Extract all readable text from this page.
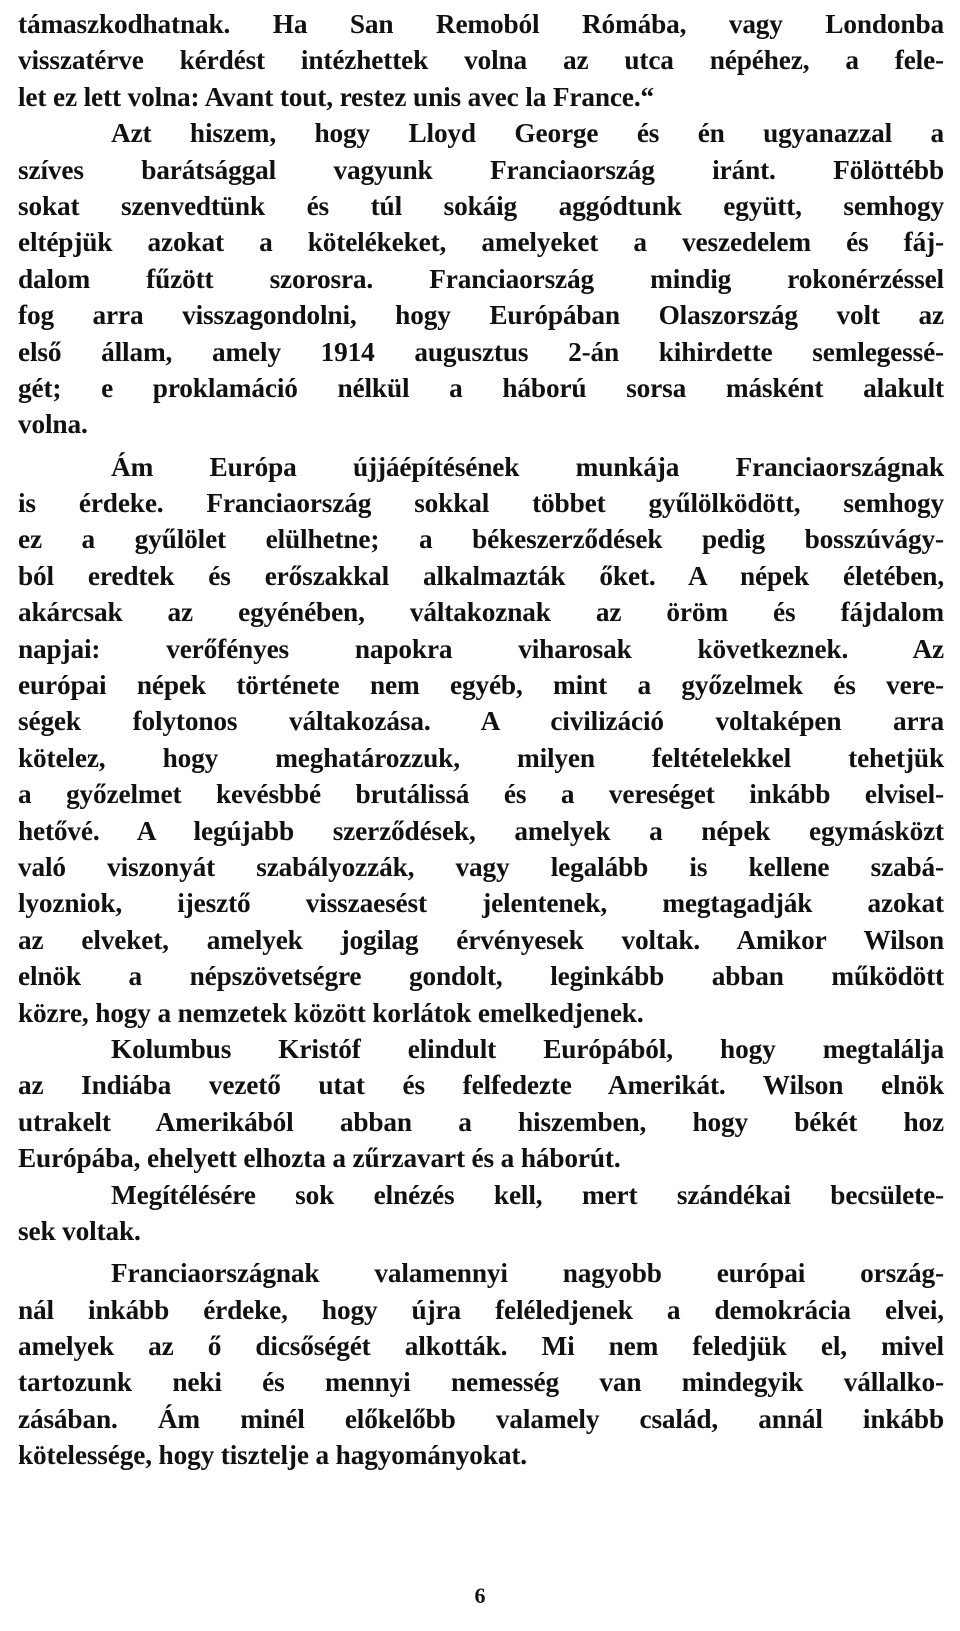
támaszkodhatnak. Ha San Remoból Rómába, vagy Londonba
visszatérve kérdést intézhettek volna az utca népéhez, a fele-
let ez lett volna: Avant tout, restez unis avec la France.“
Azt hiszem, hogy Lloyd George és én ugyanazzal a
szíves barátsággal vagyunk Franciaország iránt. Fölöttébb
sokat szenvedtünk és túl sokáig aggódtunk együtt, semhogy
eltépjük azokat a kötelékeket, amelyeket a veszedelem és fáj-
dalom fűzött szorosra. Franciaország mindig rokonérzéssel
fog arra visszagondolni, hogy Európában Olaszország volt az
első állam, amely 1914 augusztus 2-án kihirdette semlegessé-
gét; e proklamáció nélkül a háború sorsa másként alakult
volna.
Ám Európa újjáépítésének munkája Franciaországnak
is érdeke. Franciaország sokkal többet gyűlölködött, semhogy
ez a gyűlölet elülhetne; a békeszerződések pedig bosszúvágy-
ból eredtek és erőszakkal alkalmazták őket. A népek életében,
akárcsak az egyénében, váltakoznak az öröm és fájdalom
napjai: verőfényes napokra viharosak következnek. Az
európai népek története nem egyéb, mint a győzelmek és vere-
ségek folytonos váltakozása. A civilizáció voltaképen arra
kötelez, hogy meghatározzuk, milyen feltételekkel tehetjük
a győzelmet kevésbbé brutálissá és a vereséget inkább elvisel-
hetővé. A legújabb szerződések, amelyek a népek egymásközt
való viszonyát szabályozzák, vagy legalább is kellene szabá-
lyozniok, ijesztő visszaesést jelentenek, megtagadják azokat
az elveket, amelyek jogilag érvényesek voltak. Amikor Wilson
elnök a népszövetségre gondolt, leginkább abban működött
közre, hogy a nemzetek között korlátok emelkedjenek.
Kolumbus Kristóf elindult Európából, hogy megtalálja
az Indiába vezető utat és felfedezte Amerikát. Wilson elnök
utrakelt Amerikából abban a hiszemben, hogy békét hoz
Európába, ehelyett elhozta a zűrzavart és a háborút.
Megítélésére sok elnézés kell, mert szándékai becsülete-
sek voltak.
Franciaországnak valamennyi nagyobb európai ország-
nál inkább érdeke, hogy újra feléledjenek a demokrácia elvei,
amelyek az ő dicsőségét alkották. Mi nem feledjük el, mivel
tartozunk neki és mennyi nemesség van mindegyik vállalko-
zásában. Ám minél előkelőbb valamely család, annál inkább
kötelessége, hogy tisztelje a hagyományokat.
6
